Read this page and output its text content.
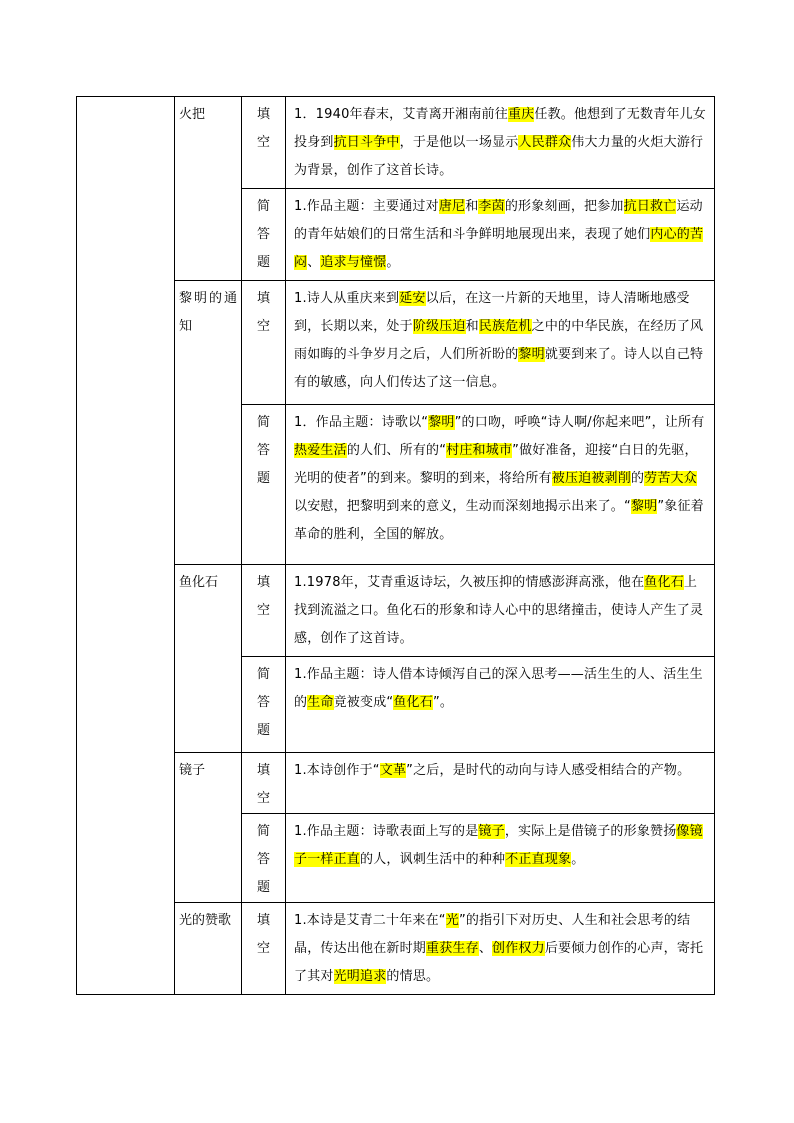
	火把	填空	1．1940年春末，艾青离开湘南前往重庆任教。他想到了无数青年儿女投身到抗日斗争中，于是他以一场显示人民群众伟大力量的火炬大游行为背景，创作了这首长诗。

		简答题	1.作品主题：主要通过对唐尼和李茵的形象刻画，把参加抗日救亡运动的青年姑娘们的日常生活和斗争鲜明地展现出来，表现了她们内心的苦闷、追求与憧憬。

	黎明的通知	填空	1.诗人从重庆来到延安以后，在这一片新的天地里，诗人清晰地感受到，长期以来，处于阶级压迫和民族危机之中的中华民族，在经历了风雨如晦的斗争岁月之后，人们所祈盼的黎明就要到来了。诗人以自己特有的敏感，向人们传达了这一信息。

		简答题	1．作品主题：诗歌以“黎明”的口吻，呼唤“诗人啊/你起来吧”，让所有热爱生活的人们、所有的“村庄和城市”做好准备，迎接“白日的先驱，光明的使者”的到来。黎明的到来，将给所有被压迫被剥削的劳苦大众以安慰，把黎明到来的意义，生动而深刻地揭示出来了。“黎明”象征着革命的胜利，全国的解放。

	鱼化石	填空	1.1978年，艾青重返诗坛，久被压抑的情感澎湃高涨，他在鱼化石上找到流溢之口。鱼化石的形象和诗人心中的思绪撞击，使诗人产生了灵感，创作了这首诗。

		简答题	1.作品主题：诗人借本诗倾泻自己的深入思考——活生生的人、活生生的生命竟被变成“鱼化石”。

	镜子	填空	1.本诗创作于“文革”之后，是时代的动向与诗人感受相结合的产物。

		简答题	1.作品主题：诗歌表面上写的是镜子，实际上是借镜子的形象赞扬像镜子一样正直的人，讽刺生活中的种种不正直现象。

	光的赞歌	填空	1.本诗是艾青二十年来在“光”的指引下对历史、人生和社会思考的结晶，传达出他在新时期重获生存、创作权力后要倾力创作的心声，寄托了其对光明追求的情思。
